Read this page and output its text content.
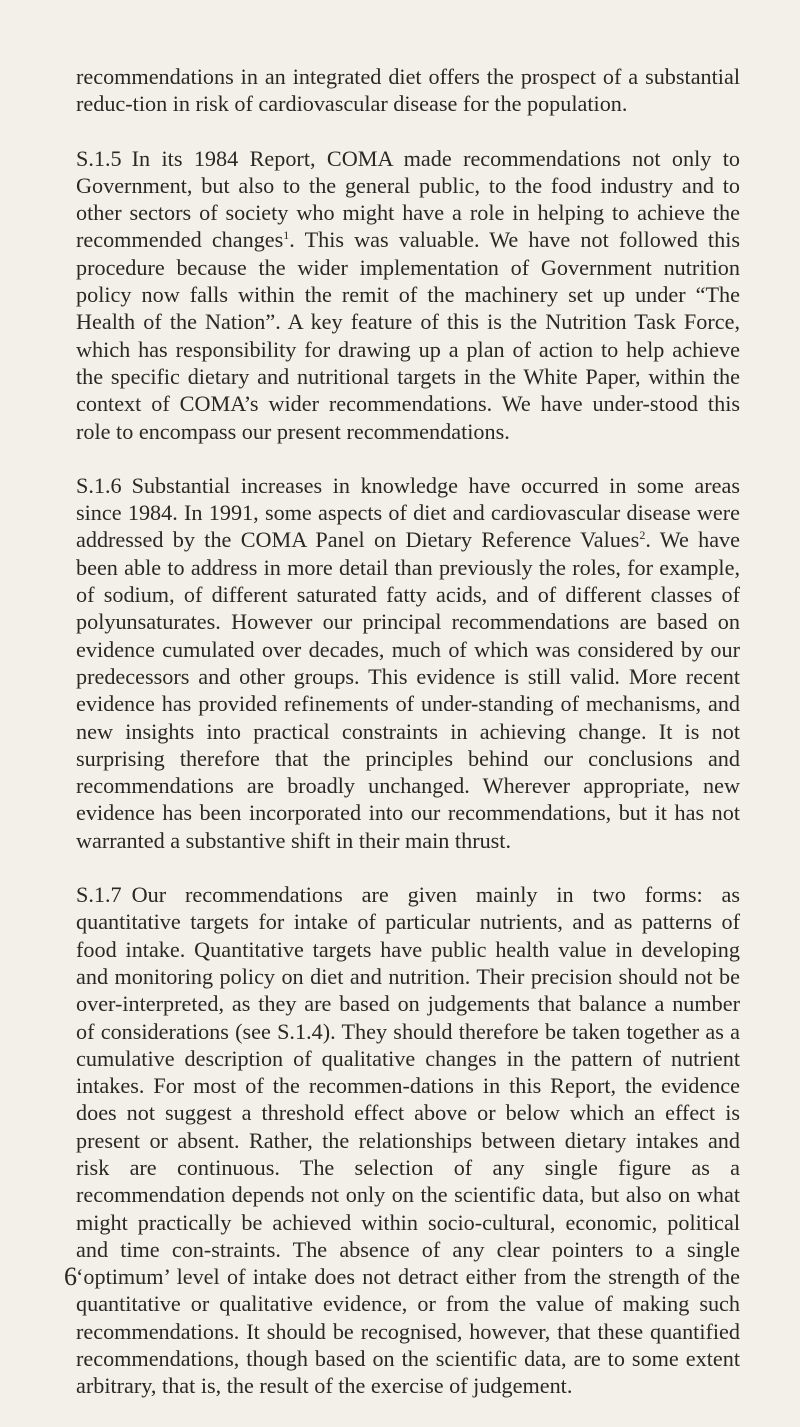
recommendations in an integrated diet offers the prospect of a substantial reduc-tion in risk of cardiovascular disease for the population.

S.1.5 In its 1984 Report, COMA made recommendations not only to Government, but also to the general public, to the food industry and to other sectors of society who might have a role in helping to achieve the recommended changes$^1$. This was valuable. We have not followed this procedure because the wider implementation of Government nutrition policy now falls within the remit of the machinery set up under “The Health of the Nation”. A key feature of this is the Nutrition Task Force, which has responsibility for drawing up a plan of action to help achieve the specific dietary and nutritional targets in the White Paper, within the context of COMA’s wider recommendations. We have under-stood this role to encompass our present recommendations.

S.1.6 Substantial increases in knowledge have occurred in some areas since 1984. In 1991, some aspects of diet and cardiovascular disease were addressed by the COMA Panel on Dietary Reference Values$^2$. We have been able to address in more detail than previously the roles, for example, of sodium, of different saturated fatty acids, and of different classes of polyunsaturates. However our principal recommendations are based on evidence cumulated over decades, much of which was considered by our predecessors and other groups. This evidence is still valid. More recent evidence has provided refinements of under-standing of mechanisms, and new insights into practical constraints in achieving change. It is not surprising therefore that the principles behind our conclusions and recommendations are broadly unchanged. Wherever appropriate, new evidence has been incorporated into our recommendations, but it has not warranted a substantive shift in their main thrust.

S.1.7 Our recommendations are given mainly in two forms: as quantitative targets for intake of particular nutrients, and as patterns of food intake. Quantitative targets have public health value in developing and monitoring policy on diet and nutrition. Their precision should not be over-interpreted, as they are based on judgements that balance a number of considerations (see S.1.4). They should therefore be taken together as a cumulative description of qualitative changes in the pattern of nutrient intakes. For most of the recommen-dations in this Report, the evidence does not suggest a threshold effect above or below which an effect is present or absent. Rather, the relationships between dietary intakes and risk are continuous. The selection of any single figure as a recommendation depends not only on the scientific data, but also on what might practically be achieved within socio-cultural, economic, political and time con-straints. The absence of any clear pointers to a single ‘optimum’ level of intake does not detract either from the strength of the quantitative or qualitative evidence, or from the value of making such recommendations. It should be recognised, however, that these quantified recommendations, though based on the scientific data, are to some extent arbitrary, that is, the result of the exercise of judgement.

6
